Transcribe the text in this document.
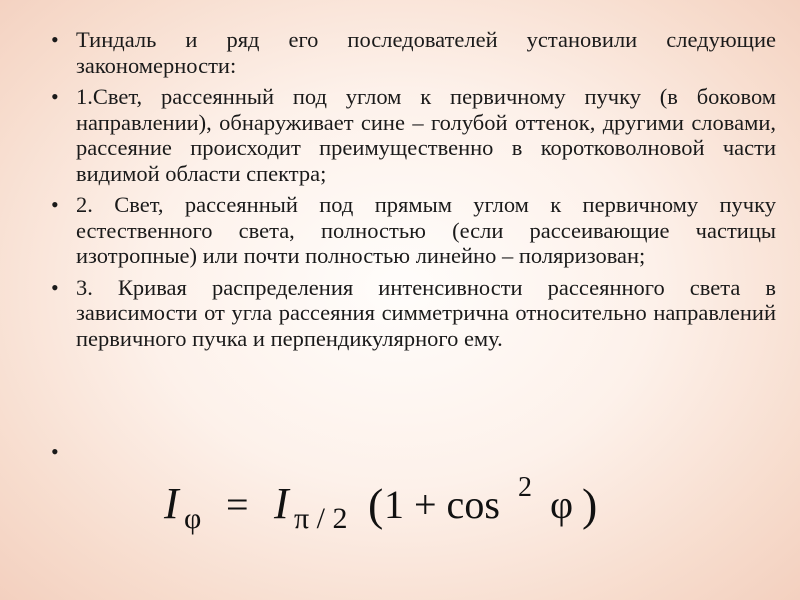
• Тиндаль и ряд его последователей установили следующие закономерности:
• 1.Свет, рассеянный под углом к первичному пучку (в боковом направлении), обнаруживает сине – голубой оттенок, другими словами, рассеяние происходит преимущественно в коротковолновой части видимой области спектра;
• 2. Свет, рассеянный под прямым углом к первичному пучку естественного света, полностью (если рассеивающие частицы изотропные) или почти полностью линейно – поляризован;
• 3. Кривая распределения интенсивности рассеянного света в зависимости от угла рассеяния симметрична относительно направлений первичного пучка и перпендикулярного ему.
•
I φ = I π / 2 ( 1 + cos 2 φ )
